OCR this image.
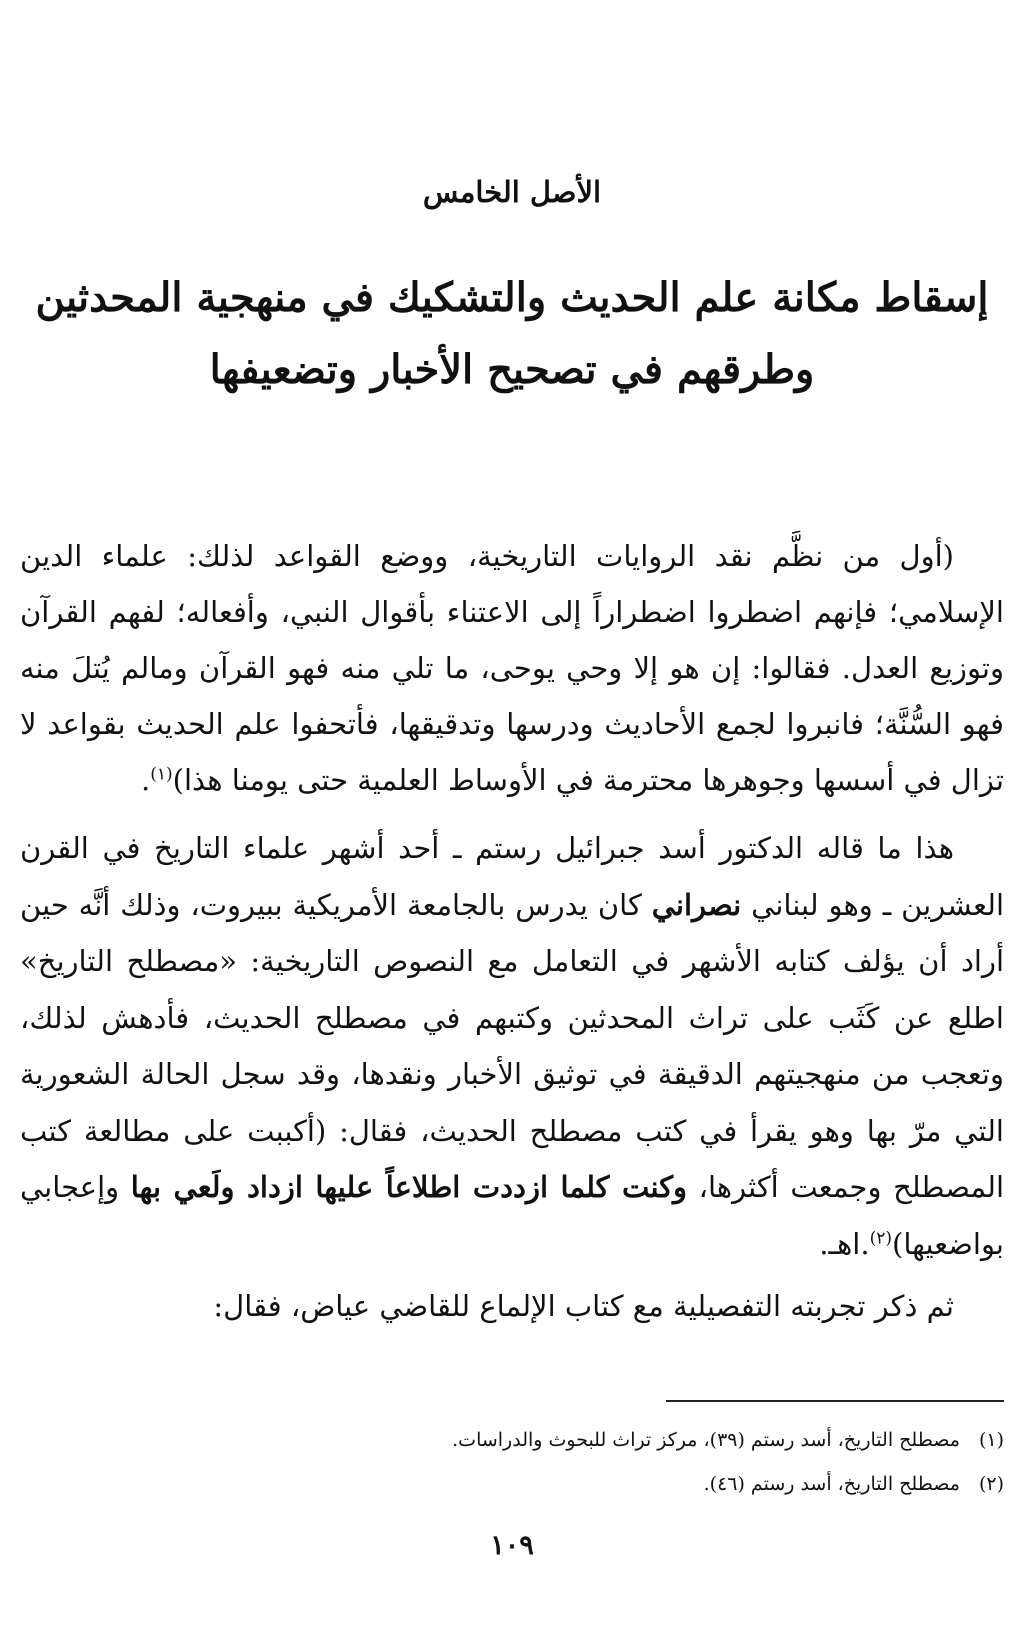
الأصل الخامس
إسقاط مكانة علم الحديث والتشكيك في منهجية المحدثين
وطرقهم في تصحيح الأخبار وتضعيفها

(أول من نظَّم نقد الروايات التاريخية، ووضع القواعد لذلك: علماء الدين الإسلامي؛ فإنهم اضطروا اضطراراً إلى الاعتناء بأقوال النبي، وأفعاله؛ لفهم القرآن وتوزيع العدل. فقالوا: إن هو إلا وحي يوحى، ما تلي منه فهو القرآن ومالم يُتلَ منه فهو السُّنَّة؛ فانبروا لجمع الأحاديث ودرسها وتدقيقها، فأتحفوا علم الحديث بقواعد لا تزال في أسسها وجوهرها محترمة في الأوساط العلمية حتى يومنا هذا)$^{(١)}$.

هذا ما قاله الدكتور أسد جبرائيل رستم ـ أحد أشهر علماء التاريخ في القرن العشرين ـ وهو لبناني نصراني كان يدرس بالجامعة الأمريكية ببيروت، وذلك أنَّه حين أراد أن يؤلف كتابه الأشهر في التعامل مع النصوص التاريخية: «مصطلح التاريخ» اطلع عن كَثَب على تراث المحدثين وكتبهم في مصطلح الحديث، فأدهش لذلك، وتعجب من منهجيتهم الدقيقة في توثيق الأخبار ونقدها، وقد سجل الحالة الشعورية التي مرّ بها وهو يقرأ في كتب مصطلح الحديث، فقال: (أكببت على مطالعة كتب المصطلح وجمعت أكثرها، وكنت كلما ازددت اطلاعاً عليها ازداد ولَعي بها وإعجابي بواضعيها)$^{(٢)}$.اهـ.

ثم ذكر تجربته التفصيلية مع كتاب الإلماع للقاضي عياض، فقال:

(١) مصطلح التاريخ، أسد رستم (٣٩)، مركز تراث للبحوث والدراسات.
(٢) مصطلح التاريخ، أسد رستم (٤٦).
١٠٩
